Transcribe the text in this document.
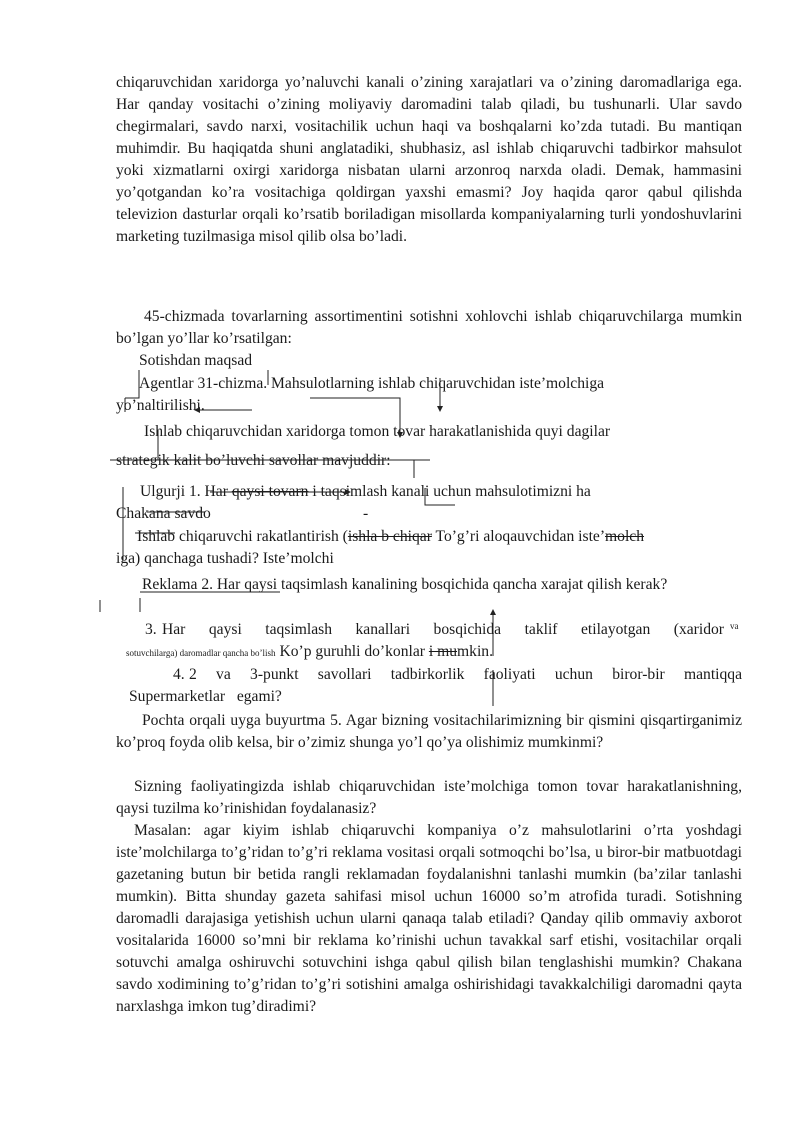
chiqaruvchidan xaridorga yo’naluvchi kanali o’zining xarajatlari va o’zining daromadlariga ega. Har qanday vositachi o’zining moliyaviy daromadini talab qiladi, bu tushunarli. Ular savdo chegirmalari, savdo narxi, vositachilik uchun haqi va boshqalarni ko’zda tutadi. Bu mantiqan muhimdir. Bu haqiqatda shuni anglatadiki, shubhasiz, asl ishlab chiqaruvchi tadbirkor mahsulot yoki xizmatlarni oxirgi xaridorga nisbatan ularni arzonroq narxda oladi. Demak, hammasini yo’qotgandan ko’ra vositachiga qoldirgan yaxshi emasmi? Joy haqida qaror qabul qilishda televizion dasturlar orqali ko’rsatib boriladigan misollarda kompaniyalarning turli yondoshuvlarini marketing tuzilmasiga misol qilib olsa bo’ladi.

45-chizmada tovarlarning assortimentini sotishni xohlovchi ishlab chiqaruvchilarga mumkin bo’lgan yo’llar ko’rsatilgan:

Sotishdan maqsad
Agentlar 31-chizma. Mahsulotlarning ishlab chiqaruvchidan iste’molchiga
yo’naltirilishi.

Ishlab chiqaruvchidan xaridorga tomon tovar harakatlanishida quyi dagilar

strategik kalit bo’luvchi savollar mavjuddir:
Ulgurji 1. Har qaysi tovarn i taqsimlash kanali uchun mahsulotimizni ha
Chakana savdo	-
Ishlab chiqaruvchi rakatlantirish (ishla b chiqar To’g’ri aloqauvchidan iste’molch
iga) qanchaga tushadi? Iste’molchi

Reklama 2. Har qaysi taqsimlash kanalining bosqichida qancha xarajat qilish kerak?

3. Har qaysi taqsimlash kanallari bosqichida taklif etilayotgan (xaridor va
sotuvchilarga) daromadlar qancha bo’lish Ko’p guruhli do’konlar i mumkin.
4. 2 va 3-punkt savollari tadbirkorlik faoliyati uchun biror-bir mantiqqa
Supermarketlar   egami?

Pochta orqali uyga buyurtma 5. Agar bizning vositachilarimizning bir qismini qisqartirganimiz ko’proq foyda olib kelsa, bir o’zimiz shunga yo’l qo’ya olishimiz mumkinmi?

Sizning faoliyatingizda ishlab chiqaruvchidan iste’molchiga tomon tovar harakatlanishning, qaysi tuzilma ko’rinishidan foydalanasiz?

Masalan: agar kiyim ishlab chiqaruvchi kompaniya o’z mahsulotlarini o’rta yoshdagi iste’molchilarga to’g’ridan to’g’ri reklama vositasi orqali sotmoqchi bo’lsa, u biror-bir matbuotdagi gazetaning butun bir betida rangli reklamadan foydalanishni tanlashi mumkin (ba’zilar tanlashi mumkin). Bitta shunday gazeta sahifasi misol uchun 16000 so’m atrofida turadi. Sotishning daromadli darajasiga yetishish uchun ularni qanaqa talab etiladi? Qanday qilib ommaviy axborot vositalarida 16000 so’mni bir reklama ko’rinishi uchun tavakkal sarf etishi, vositachilar orqali sotuvchi amalga oshiruvchi sotuvchini ishga qabul qilish bilan tenglashishi mumkin? Chakana savdo xodimining to’g’ridan to’g’ri sotishini amalga oshirishidagi tavakkalchiligi daromadni qayta narxlashga imkon tug’diradimi?
